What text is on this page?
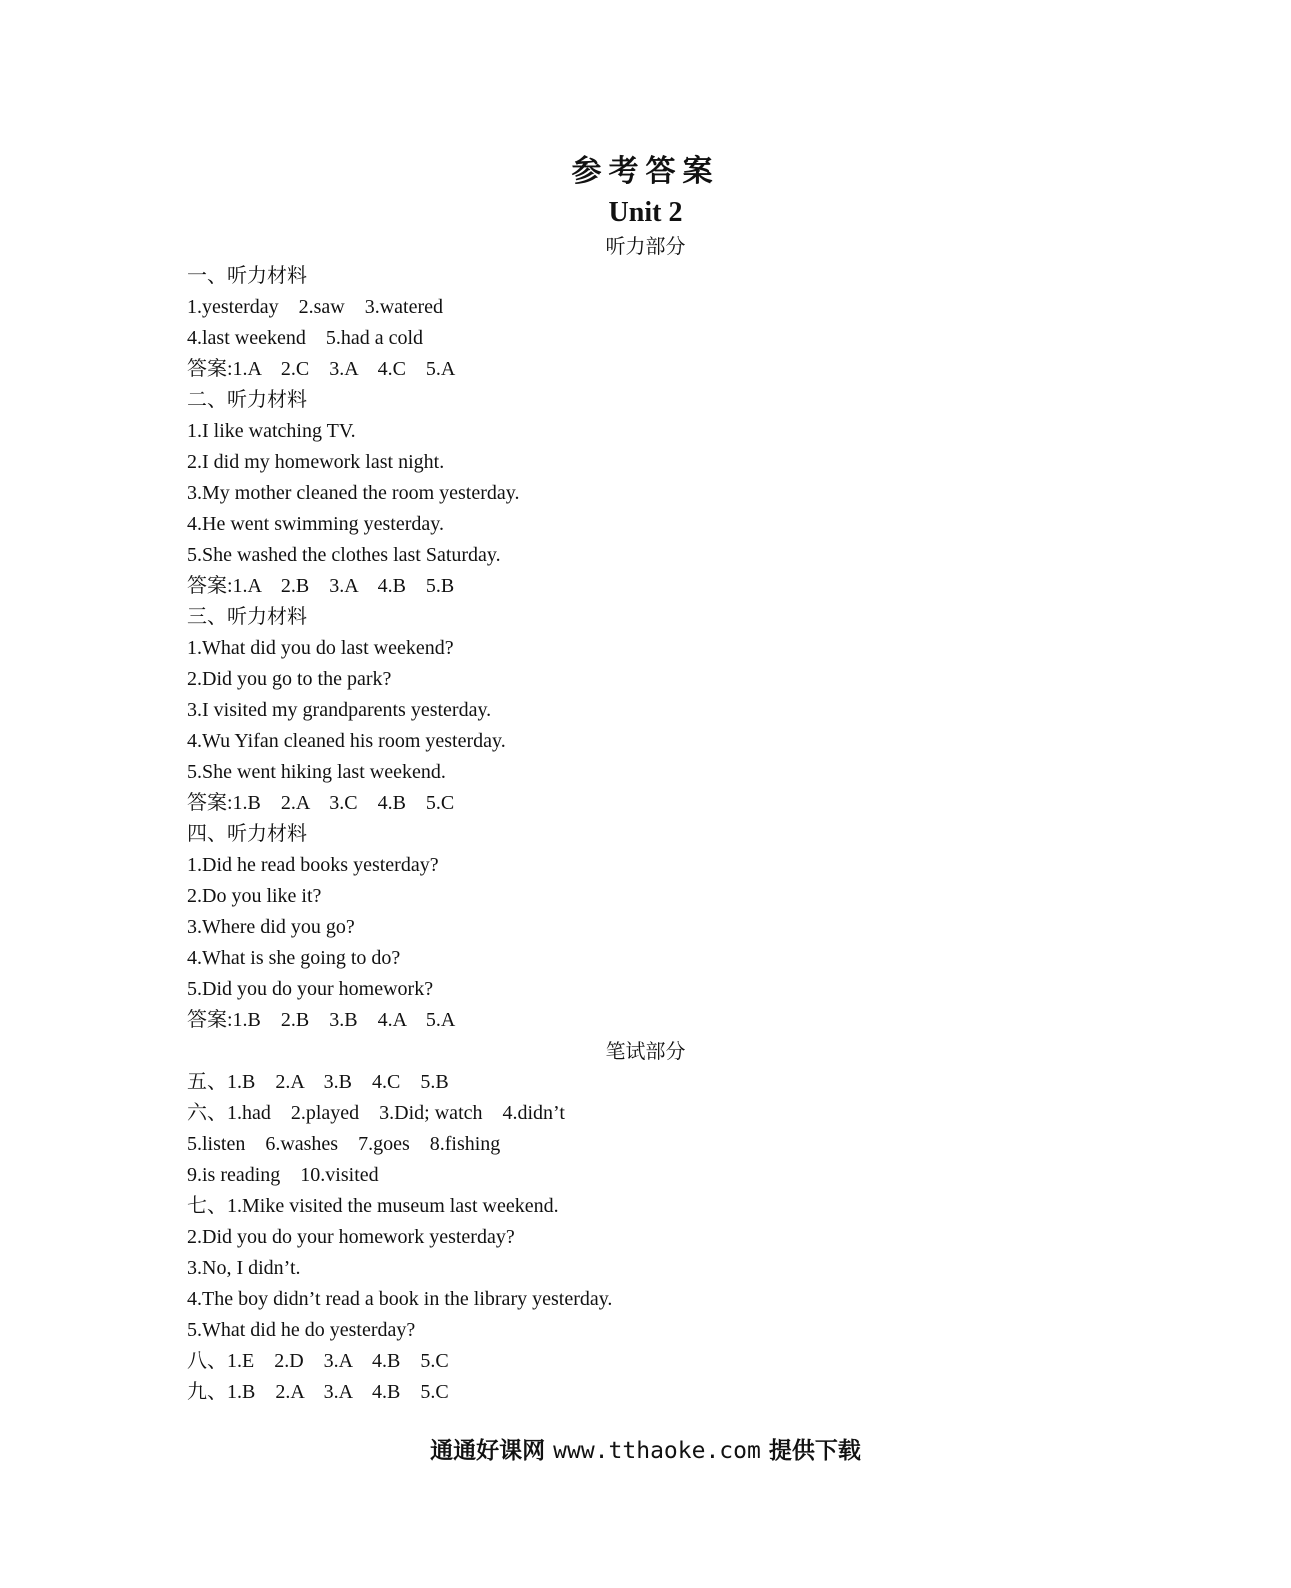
参考答案
Unit 2
听力部分
一、听力材料
1.yesterday    2.saw    3.watered
4.last weekend    5.had a cold
答案:1.A    2.C    3.A    4.C    5.A
二、听力材料
1.I like watching TV.
2.I did my homework last night.
3.My mother cleaned the room yesterday.
4.He went swimming yesterday.
5.She washed the clothes last Saturday.
答案:1.A    2.B    3.A    4.B    5.B
三、听力材料
1.What did you do last weekend?
2.Did you go to the park?
3.I visited my grandparents yesterday.
4.Wu Yifan cleaned his room yesterday.
5.She went hiking last weekend.
答案:1.B    2.A    3.C    4.B    5.C
四、听力材料
1.Did he read books yesterday?
2.Do you like it?
3.Where did you go?
4.What is she going to do?
5.Did you do your homework?
答案:1.B    2.B    3.B    4.A    5.A
笔试部分
五、1.B    2.A    3.B    4.C    5.B
六、1.had    2.played    3.Did; watch    4.didn’t
5.listen    6.washes    7.goes    8.fishing
9.is reading    10.visited
七、1.Mike visited the museum last weekend.
2.Did you do your homework yesterday?
3.No, I didn’t.
4.The boy didn’t read a book in the library yesterday.
5.What did he do yesterday?
八、1.E    2.D    3.A    4.B    5.C
九、1.B    2.A    3.A    4.B    5.C
通通好课网 www.tthaoke.com 提供下载
